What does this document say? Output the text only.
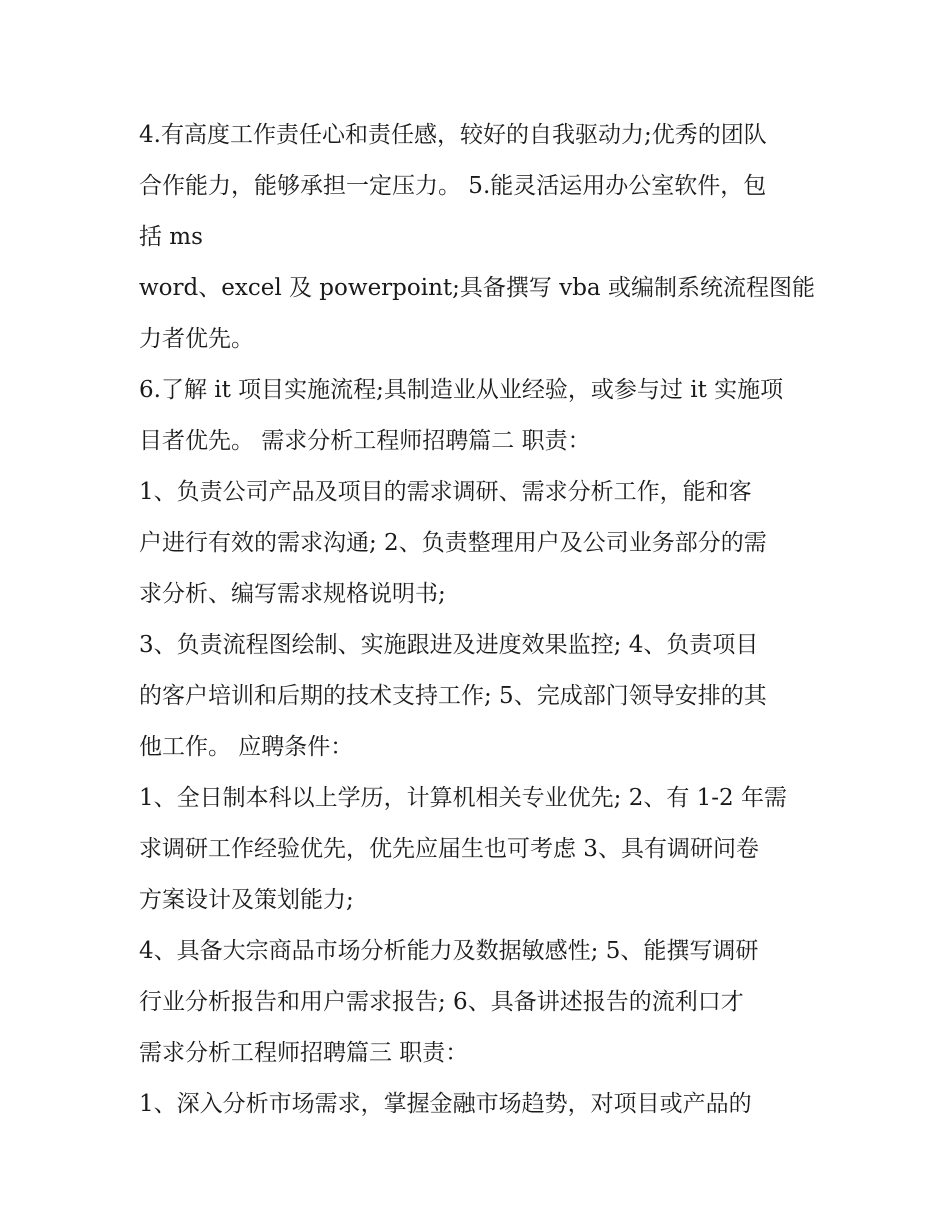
4.有高度工作责任心和责任感，较好的自我驱动力;优秀的团队
合作能力，能够承担一定压力。 5.能灵活运用办公室软件，包
括 ms
word、excel 及 powerpoint;具备撰写 vba 或编制系统流程图能
力者优先。
6.了解 it 项目实施流程;具制造业从业经验，或参与过 it 实施项
目者优先。 需求分析工程师招聘篇二 职责：
1、负责公司产品及项目的需求调研、需求分析工作，能和客
户进行有效的需求沟通; 2、负责整理用户及公司业务部分的需
求分析、编写需求规格说明书;
3、负责流程图绘制、实施跟进及进度效果监控; 4、负责项目
的客户培训和后期的技术支持工作; 5、完成部门领导安排的其
他工作。 应聘条件：
1、全日制本科以上学历，计算机相关专业优先; 2、有 1-2 年需
求调研工作经验优先，优先应届生也可考虑 3、具有调研问卷
方案设计及策划能力;
4、具备大宗商品市场分析能力及数据敏感性; 5、能撰写调研
行业分析报告和用户需求报告; 6、具备讲述报告的流利口才
需求分析工程师招聘篇三 职责：
1、深入分析市场需求，掌握金融市场趋势，对项目或产品的
